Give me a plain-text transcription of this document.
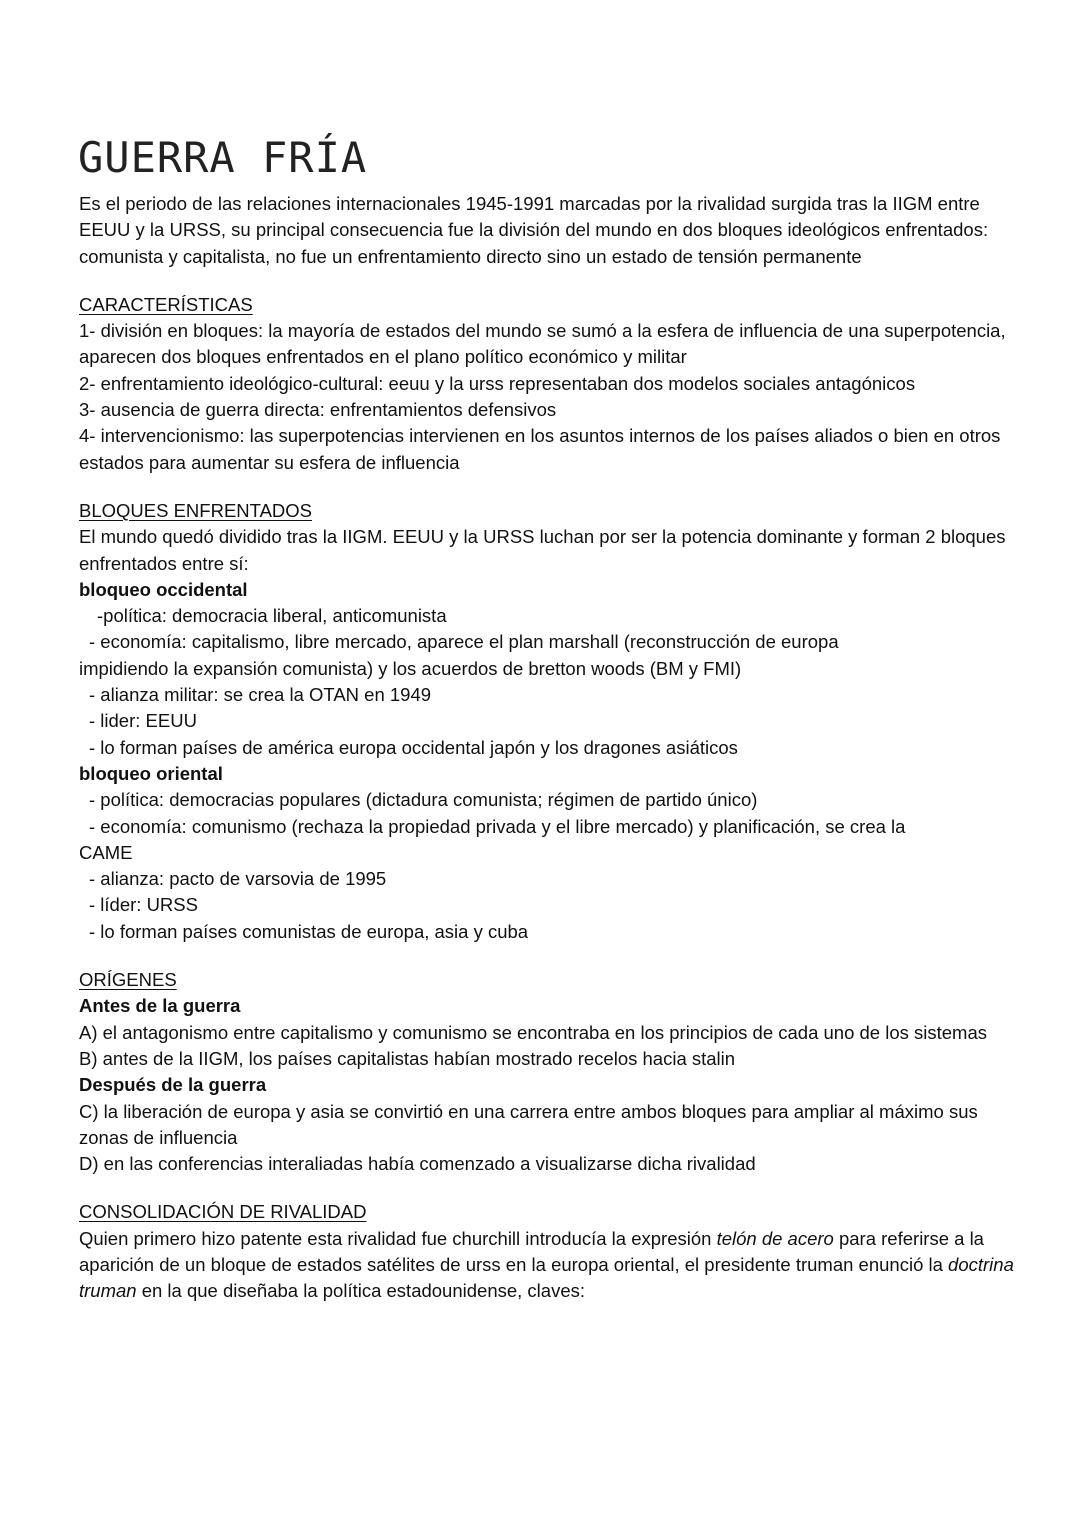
GUERRA FRÍA

Es el periodo de las relaciones internacionales 1945-1991 marcadas por la rivalidad surgida tras la IIGM entre EEUU y la URSS, su principal consecuencia fue la división del mundo en dos bloques ideológicos enfrentados: comunista y capitalista, no fue un enfrentamiento directo sino un estado de tensión permanente

CARACTERÍSTICAS

1- división en bloques: la mayoría de estados del mundo se sumó a la esfera de influencia de una superpotencia, aparecen dos bloques enfrentados en el plano político económico y militar

2- enfrentamiento ideológico-cultural: eeuu y la urss representaban dos modelos sociales antagónicos

3- ausencia de guerra directa: enfrentamientos defensivos

4- intervencionismo: las superpotencias intervienen en los asuntos internos de los países aliados o bien en otros estados para aumentar su esfera de influencia

BLOQUES ENFRENTADOS

El mundo quedó dividido tras la IIGM. EEUU y la URSS luchan por ser la potencia dominante y forman 2 bloques enfrentados entre sí:

bloqueo occidental

-política: democracia liberal, anticomunista

- economía: capitalismo, libre mercado, aparece el plan marshall (reconstrucción de europa

impidiendo la expansión comunista) y los acuerdos de bretton woods (BM y FMI)

- alianza militar: se crea la OTAN en 1949

- lider: EEUU

- lo forman países de américa europa occidental japón y los dragones asiáticos

bloqueo oriental

- política: democracias populares (dictadura comunista; régimen de partido único)

- economía: comunismo (rechaza la propiedad privada y el libre mercado) y planificación, se crea la

CAME

- alianza: pacto de varsovia de 1995

- líder: URSS

- lo forman países comunistas de europa, asia y cuba

ORÍGENES

Antes de la guerra

A) el antagonismo entre capitalismo y comunismo se encontraba en los principios de cada uno de los sistemas

B) antes de la IIGM, los países capitalistas habían mostrado recelos hacia stalin

Después de la guerra

C) la liberación de europa y asia se convirtió en una carrera entre ambos bloques para ampliar al máximo sus zonas de influencia

D) en las conferencias interaliadas había comenzado a visualizarse dicha rivalidad

CONSOLIDACIÓN DE RIVALIDAD

Quien primero hizo patente esta rivalidad fue churchill introducía la expresión telón de acero para referirse a la aparición de un bloque de estados satélites de urss en la europa oriental, el presidente truman enunció la doctrina truman en la que diseñaba la política estadounidense, claves:
